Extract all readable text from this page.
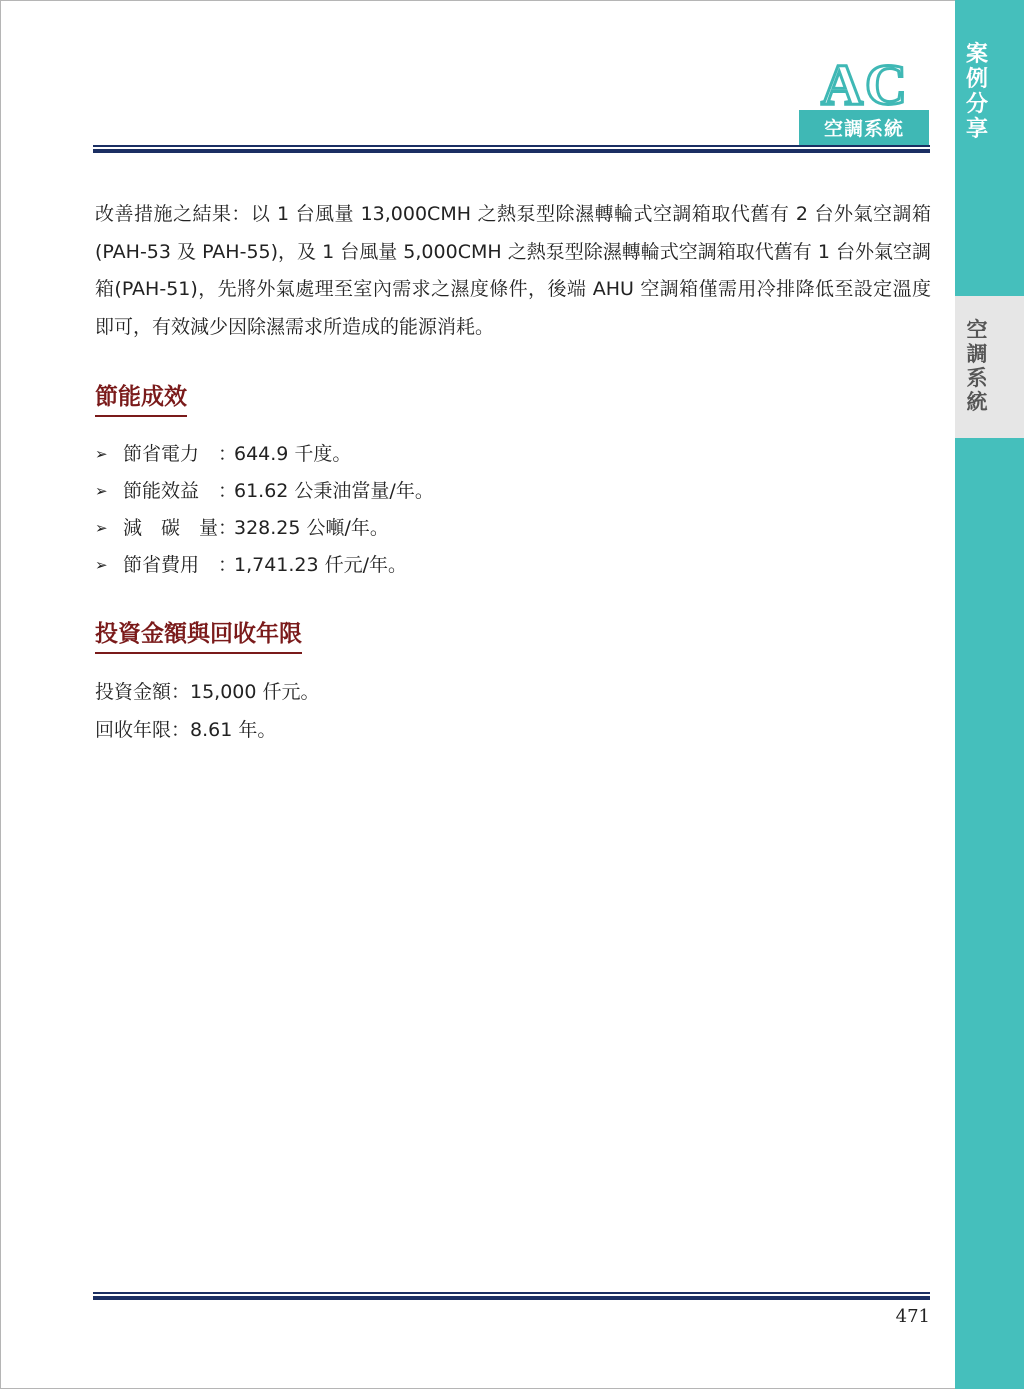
案
例
分
享
空
調
系
統
AC
空調系統

改善措施之結果：以 1 台風量 13,000CMH 之熱泵型除濕轉輪式空調箱取代舊有 2 台外氣空調箱(PAH-53 及 PAH-55)，及 1 台風量 5,000CMH 之熱泵型除濕轉輪式空調箱取代舊有 1 台外氣空調箱(PAH-51)，先將外氣處理至室內需求之濕度條件，後端 AHU 空調箱僅需用冷排降低至設定溫度即可，有效減少因除濕需求所造成的能源消耗。

節能成效
➢ 節省電力 ：
644.9 千度。
➢ 節能效益 ：
61.62 公秉油當量/年。
➢ 減　碳　量 ：
328.25 公噸/年。
➢ 節省費用 ：
1,741.23 仟元/年。
投資金額與回收年限
投資金額：15,000 仟元。
回收年限：8.61 年。
471
